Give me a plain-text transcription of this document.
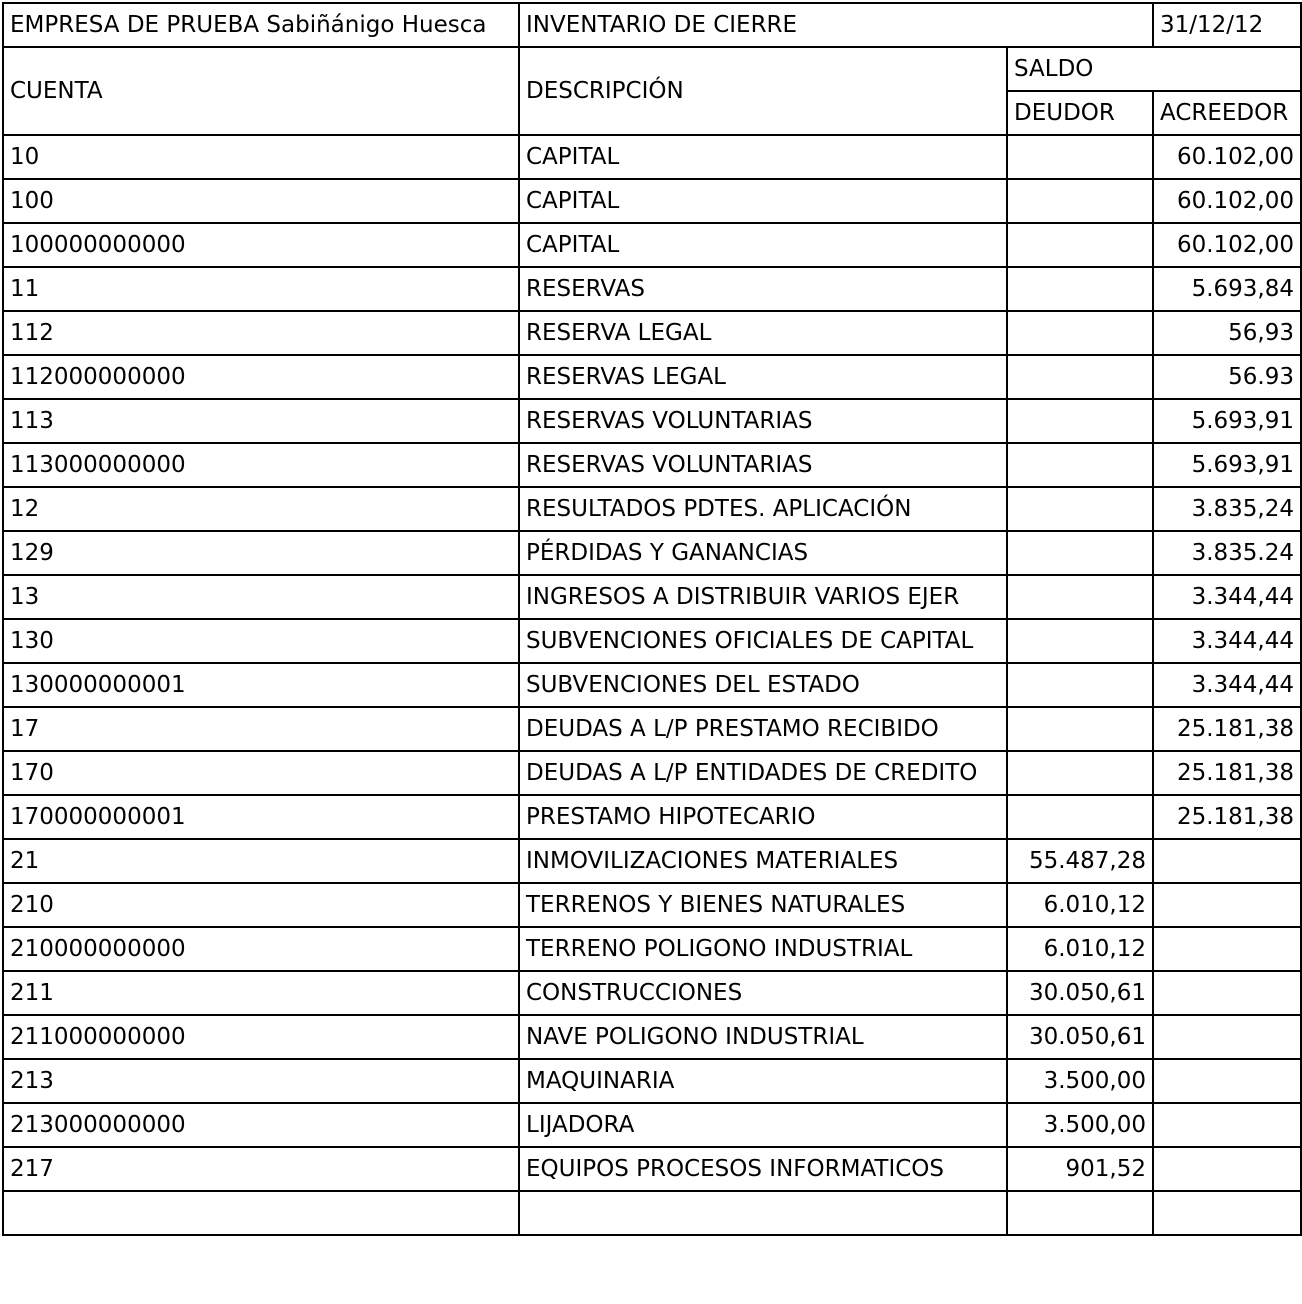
EMPRESA DE PRUEBA Sabiñánigo Huesca	INVENTARIO DE CIERRE		31/12/12
CUENTA	DESCRIPCIÓN	SALDO	
		DEUDOR	ACREEDOR
10	CAPITAL		60.102,00
100	CAPITAL		60.102,00
100000000000	CAPITAL		60.102,00
11	RESERVAS		5.693,84
112	RESERVA LEGAL		56,93
112000000000	RESERVAS LEGAL		56.93
113	RESERVAS VOLUNTARIAS		5.693,91
113000000000	RESERVAS VOLUNTARIAS		5.693,91
12	RESULTADOS PDTES. APLICACIÓN		3.835,24
129	PÉRDIDAS Y GANANCIAS		3.835.24
13	INGRESOS A DISTRIBUIR VARIOS EJER		3.344,44
130	SUBVENCIONES OFICIALES DE CAPITAL		3.344,44
130000000001	SUBVENCIONES DEL ESTADO		3.344,44
17	DEUDAS A L/P PRESTAMO RECIBIDO		25.181,38
170	DEUDAS A L/P ENTIDADES DE CREDITO		25.181,38
170000000001	PRESTAMO HIPOTECARIO		25.181,38
21	INMOVILIZACIONES MATERIALES	55.487,28	
210	TERRENOS Y BIENES NATURALES	6.010,12	
210000000000	TERRENO POLIGONO INDUSTRIAL	6.010,12	
211	CONSTRUCCIONES	30.050,61	
211000000000	NAVE POLIGONO INDUSTRIAL	30.050,61	
213	MAQUINARIA	3.500,00	
213000000000	LIJADORA	3.500,00	
217	EQUIPOS PROCESOS INFORMATICOS	901,52	
